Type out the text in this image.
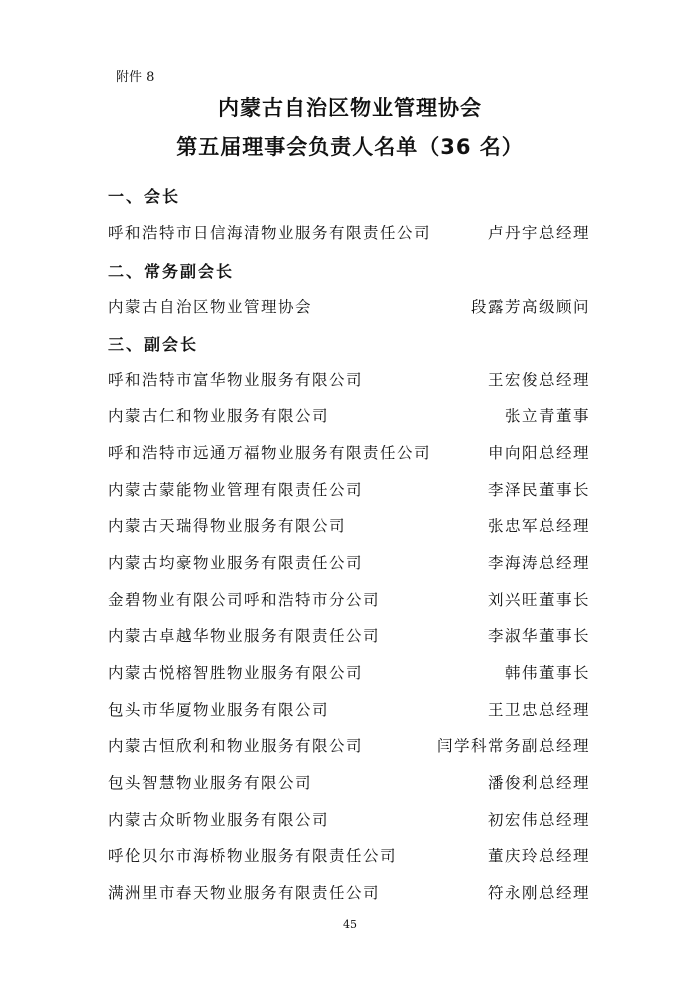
附件 8
内蒙古自治区物业管理协会
第五届理事会负责人名单（36 名）
一、会长
呼和浩特市日信海清物业服务有限责任公司	卢丹宇总经理
二、常务副会长
内蒙古自治区物业管理协会	段露芳高级顾问
三、副会长
呼和浩特市富华物业服务有限公司	王宏俊总经理
内蒙古仁和物业服务有限公司	张立青董事
呼和浩特市远通万福物业服务有限责任公司	申向阳总经理
内蒙古蒙能物业管理有限责任公司	李泽民董事长
内蒙古天瑞得物业服务有限公司	张忠军总经理
内蒙古均豪物业服务有限责任公司	李海涛总经理
金碧物业有限公司呼和浩特市分公司	刘兴旺董事长
内蒙古卓越华物业服务有限责任公司	李淑华董事长
内蒙古悦榕智胜物业服务有限公司	韩伟董事长
包头市华厦物业服务有限公司	王卫忠总经理
内蒙古恒欣利和物业服务有限公司	闫学科常务副总经理
包头智慧物业服务有限公司	潘俊利总经理
内蒙古众昕物业服务有限公司	初宏伟总经理
呼伦贝尔市海桥物业服务有限责任公司	董庆玲总经理
满洲里市春天物业服务有限责任公司	符永刚总经理
45
